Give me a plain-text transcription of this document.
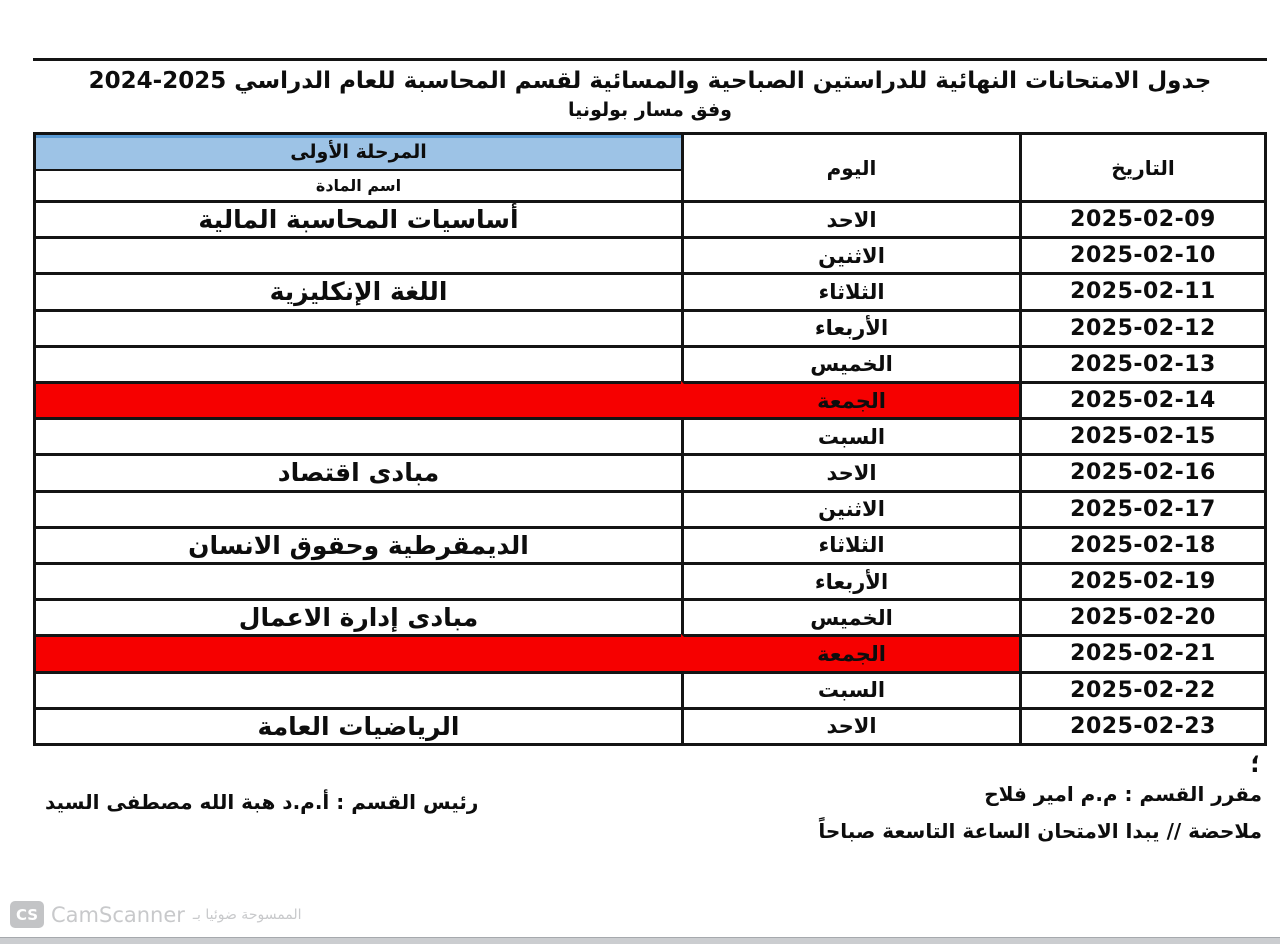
جدول الامتحانات النهائية للدراستين الصباحية والمسائية لقسم المحاسبة للعام الدراسي 2025-2024
وفق مسار بولونيا
المرحلة الأولى
اسم المادة
اليوم	التاريخ
2025-02-09
الاحد
أساسيات المحاسبة المالية
2025-02-10
الاثنين
2025-02-11
الثلاثاء
اللغة الإنكليزية
2025-02-12
الأربعاء
2025-02-13
الخميس
2025-02-14
الجمعة
2025-02-15
السبت
2025-02-16
الاحد
مبادى اقتصاد
2025-02-17
الاثنين
2025-02-18
الثلاثاء
الديمقرطية وحقوق الانسان
2025-02-19
الأربعاء
2025-02-20
الخميس
مبادى إدارة الاعمال
2025-02-21
الجمعة
2025-02-22
السبت
2025-02-23
الاحد
الرياضيات العامة
؛
مقرر القسم : م.م امير فلاح
ملاحضة // يبدا الامتحان الساعة التاسعة صباحاً
رئيس القسم : أ.م.د هبة الله مصطفى السيد
CS CamScanner الممسوحة ضوئيا بـ
